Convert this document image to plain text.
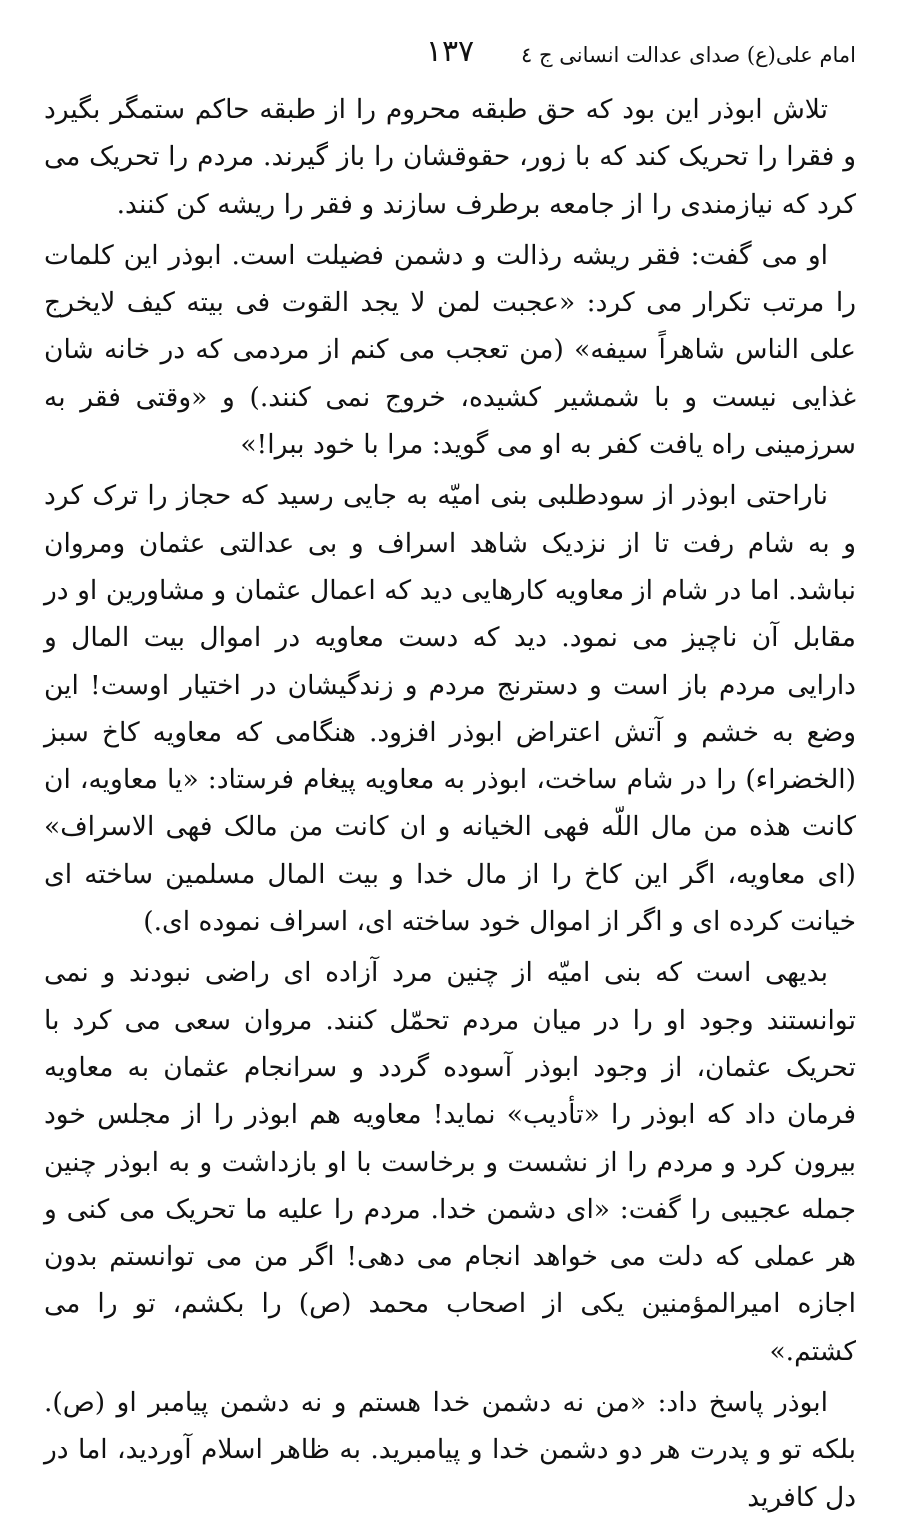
امام علی(ع) صدای عدالت انسانی ج ٤
١٣٧

تلاش ابوذر این بود که حق طبقه محروم را از طبقه حاکم ستمگر بگیرد و فقرا را تحریک کند که با زور، حقوقشان را باز گیرند. مردم را تحریک می کرد که نیازمندی را از جامعه برطرف سازند و فقر را ریشه کن کنند.

او می گفت: فقر ریشه رذالت و دشمن فضیلت است. ابوذر این کلمات را مرتب تکرار می کرد: «عجبت لمن لا یجد القوت فی بیته کیف لایخرج علی الناس شاهراً سیفه» (من تعجب می کنم از مردمی که در خانه شان غذایی نیست و با شمشیر کشیده، خروج نمی کنند.) و «وقتی فقر به سرزمینی راه یافت کفر به او می گوید: مرا با خود ببرا!»

ناراحتی ابوذر از سودطلبی بنی امیّه به جایی رسید که حجاز را ترک کرد و به شام رفت تا از نزدیک شاهد اسراف و بی عدالتی عثمان ومروان نباشد. اما در شام از معاویه کارهایی دید که اعمال عثمان و مشاورین او در مقابل آن ناچیز می نمود. دید که دست معاویه در اموال بیت المال و دارایی مردم باز است و دسترنج مردم و زندگیشان در اختیار اوست! این وضع به خشم و آتش اعتراض ابوذر افزود. هنگامی که معاویه کاخ سبز (الخضراء) را در شام ساخت، ابوذر به معاویه پیغام فرستاد: «یا معاویه، ان کانت هذه من مال اللّه فهی الخیانه و ان کانت من مالک فهی الاسراف» (ای معاویه، اگر این کاخ را از مال خدا و بیت المال مسلمین ساخته ای خیانت کرده ای و اگر از اموال خود ساخته ای، اسراف نموده ای.)

بدیهی است که بنی امیّه از چنین مرد آزاده ای راضی نبودند و نمی توانستند وجود او را در میان مردم تحمّل کنند. مروان سعی می کرد با تحریک عثمان، از وجود ابوذر آسوده گردد و سرانجام عثمان به معاویه فرمان داد که ابوذر را «تأدیب» نماید! معاویه هم ابوذر را از مجلس خود بیرون کرد و مردم را از نشست و برخاست با او بازداشت و به ابوذر چنین جمله عجیبی را گفت: «ای دشمن خدا. مردم را علیه ما تحریک می کنی و هر عملی که دلت می خواهد انجام می دهی! اگر من می توانستم بدون اجازه امیرالمؤمنین یکی از اصحاب محمد (ص) را بکشم، تو را می کشتم.»

ابوذر پاسخ داد: «من نه دشمن خدا هستم و نه دشمن پیامبر او (ص). بلکه تو و پدرت هر دو دشمن خدا و پیامبرید. به ظاهر اسلام آوردید، اما در دل کافرید
